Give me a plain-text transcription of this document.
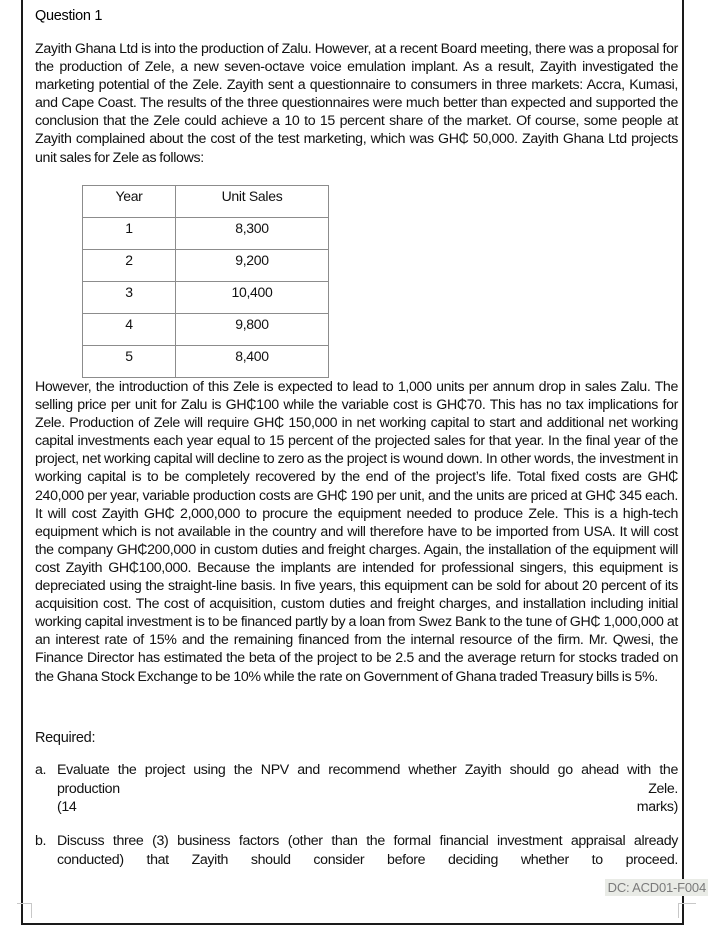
Question 1

Zayith Ghana Ltd is into the production of Zalu. However, at a recent Board meeting, there was a proposal for the production of Zele, a new seven-octave voice emulation implant. As a result, Zayith investigated the marketing potential of the Zele. Zayith sent a questionnaire to consumers in three markets: Accra, Kumasi, and Cape Coast. The results of the three questionnaires were much better than expected and supported the conclusion that the Zele could achieve a 10 to 15 percent share of the market. Of course, some people at Zayith complained about the cost of the test marketing, which was GH₵ 50,000. Zayith Ghana Ltd projects unit sales for Zele as follows:

However, the introduction of this Zele is expected to lead to 1,000 units per annum drop in sales Zalu. The selling price per unit for Zalu is GH₵100 while the variable cost is GH₵70. This has no tax implications for Zele. Production of Zele will require GH₵ 150,000 in net working capital to start and additional net working capital investments each year equal to 15 percent of the projected sales for that year. In the final year of the project, net working capital will decline to zero as the project is wound down. In other words, the investment in working capital is to be completely recovered by the end of the project’s life. Total fixed costs are GH₵ 240,000 per year, variable production costs are GH₵ 190 per unit, and the units are priced at GH₵ 345 each. It will cost Zayith GH₵ 2,000,000 to procure the equipment needed to produce Zele. This is a high-tech equipment which is not available in the country and will therefore have to be imported from USA. It will cost the company GH₵200,000 in custom duties and freight charges. Again, the installation of the equipment will cost Zayith GH₵100,000. Because the implants are intended for professional singers, this equipment is depreciated using the straight-line basis. In five years, this equipment can be sold for about 20 percent of its acquisition cost. The cost of acquisition, custom duties and freight charges, and installation including initial working capital investment is to be financed partly by a loan from Swez Bank to the tune of GH₵ 1,000,000 at an interest rate of 15% and the remaining financed from the internal resource of the firm. Mr. Qwesi, the Finance Director has estimated the beta of the project to be 2.5 and the average return for stocks traded on the Ghana Stock Exchange to be 10% while the rate on Government of Ghana traded Treasury bills is 5%.

Required:
a. Evaluate the project using the NPV and recommend whether Zayith should go ahead with the
production Zele.
(14 marks)
b. Discuss three (3) business factors (other than the formal financial investment appraisal already
conducted) that Zayith should consider before deciding whether to proceed.
Year	Unit Sales
1	8,300
2	9,200
3	10,400
4	9,800
5	8,400
DC: ACD01-F004
